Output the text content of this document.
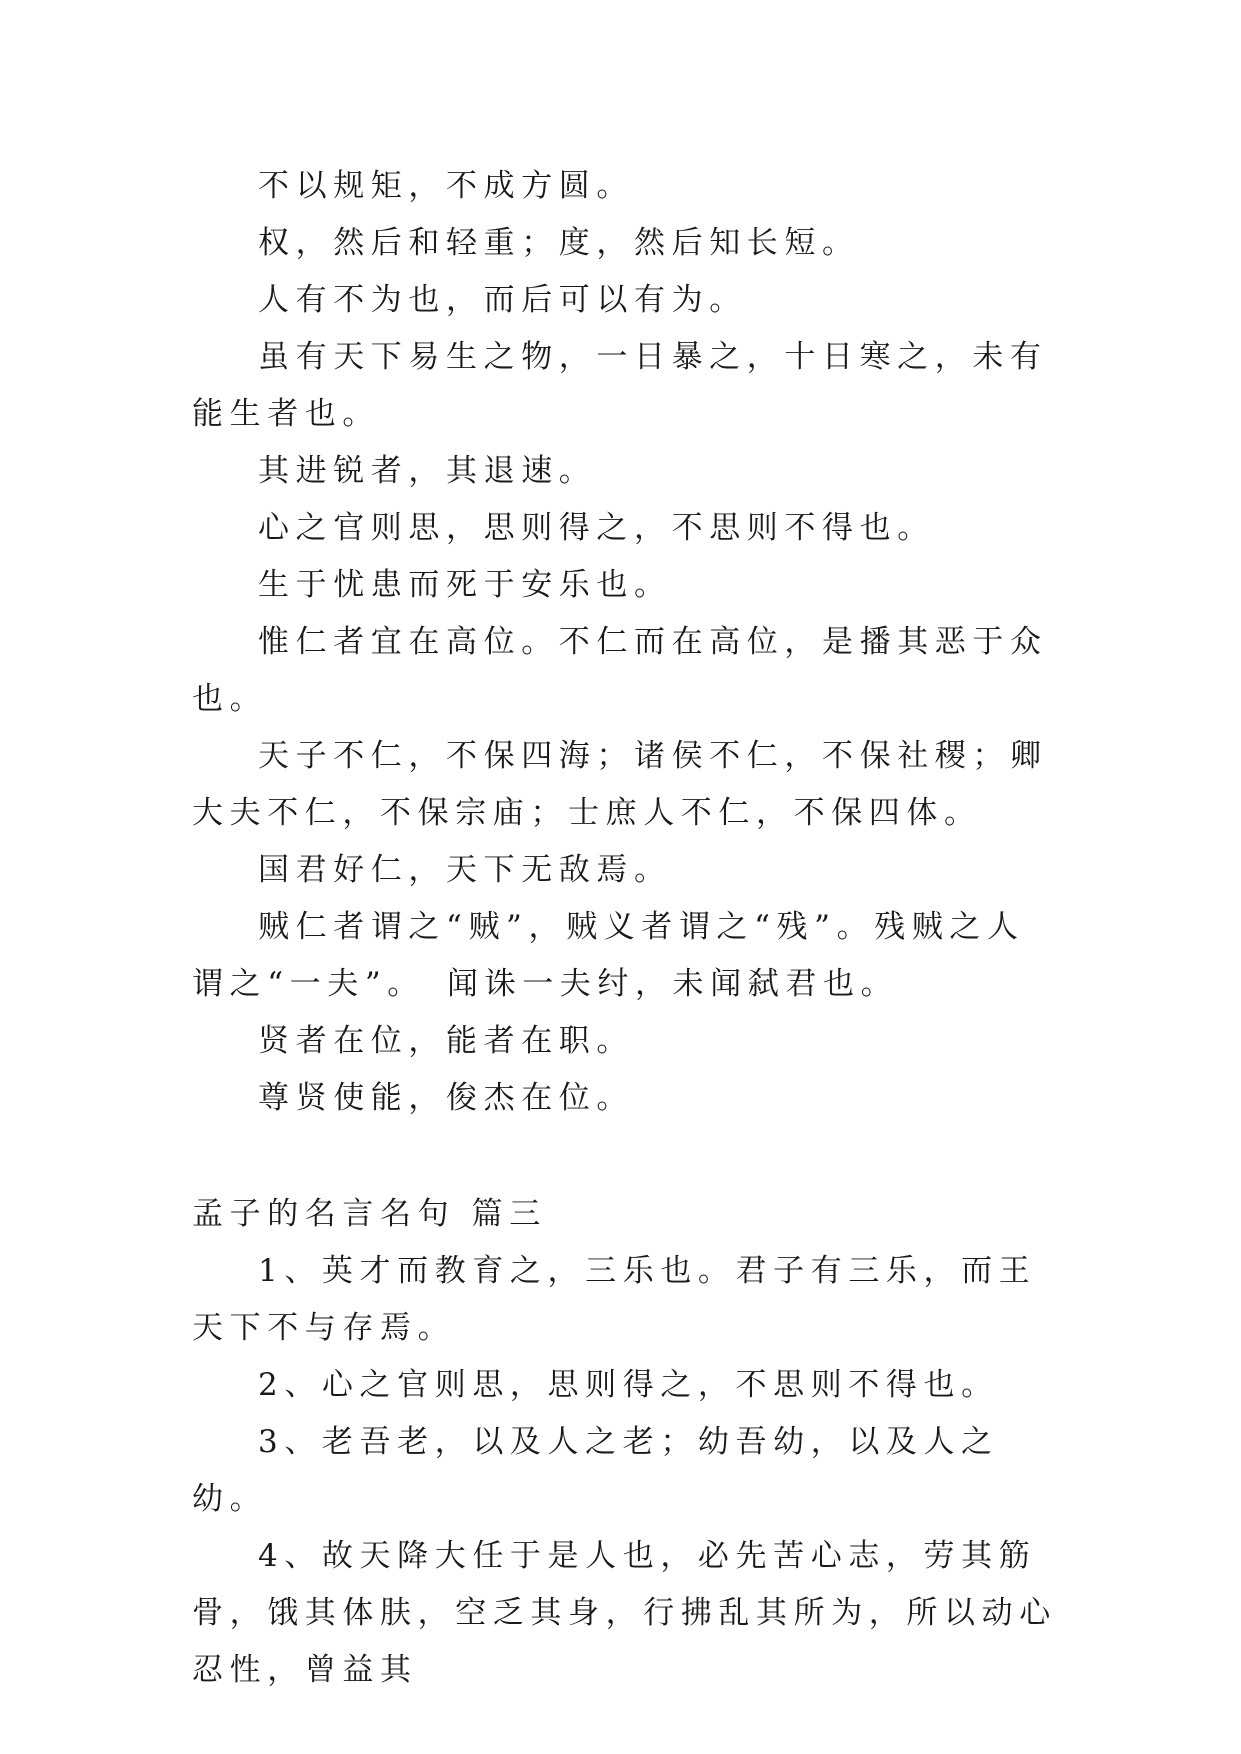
不以规矩，不成方圆。

权，然后和轻重；度，然后知长短。

人有不为也，而后可以有为。

虽有天下易生之物，一日暴之，十日寒之，未有能生者也。

其进锐者，其退速。

心之官则思，思则得之，不思则不得也。

生于忧患而死于安乐也。

惟仁者宜在高位。不仁而在高位，是播其恶于众也。

天子不仁，不保四海；诸侯不仁，不保社稷；卿大夫不仁，不保宗庙；士庶人不仁，不保四体。

国君好仁，天下无敌焉。

贼仁者谓之“贼”，贼义者谓之“残”。残贼之人谓之“一夫”。　闻诛一夫纣，未闻弑君也。

贤者在位，能者在职。

尊贤使能，俊杰在位。

孟子的名言名句 篇三

1、英才而教育之，三乐也。君子有三乐，而王天下不与存焉。

2、心之官则思，思则得之，不思则不得也。

3、老吾老，以及人之老；幼吾幼，以及人之幼。

4、故天降大任于是人也，必先苦心志，劳其筋骨，饿其体肤，空乏其身，行拂乱其所为，所以动心忍性，曾益其
